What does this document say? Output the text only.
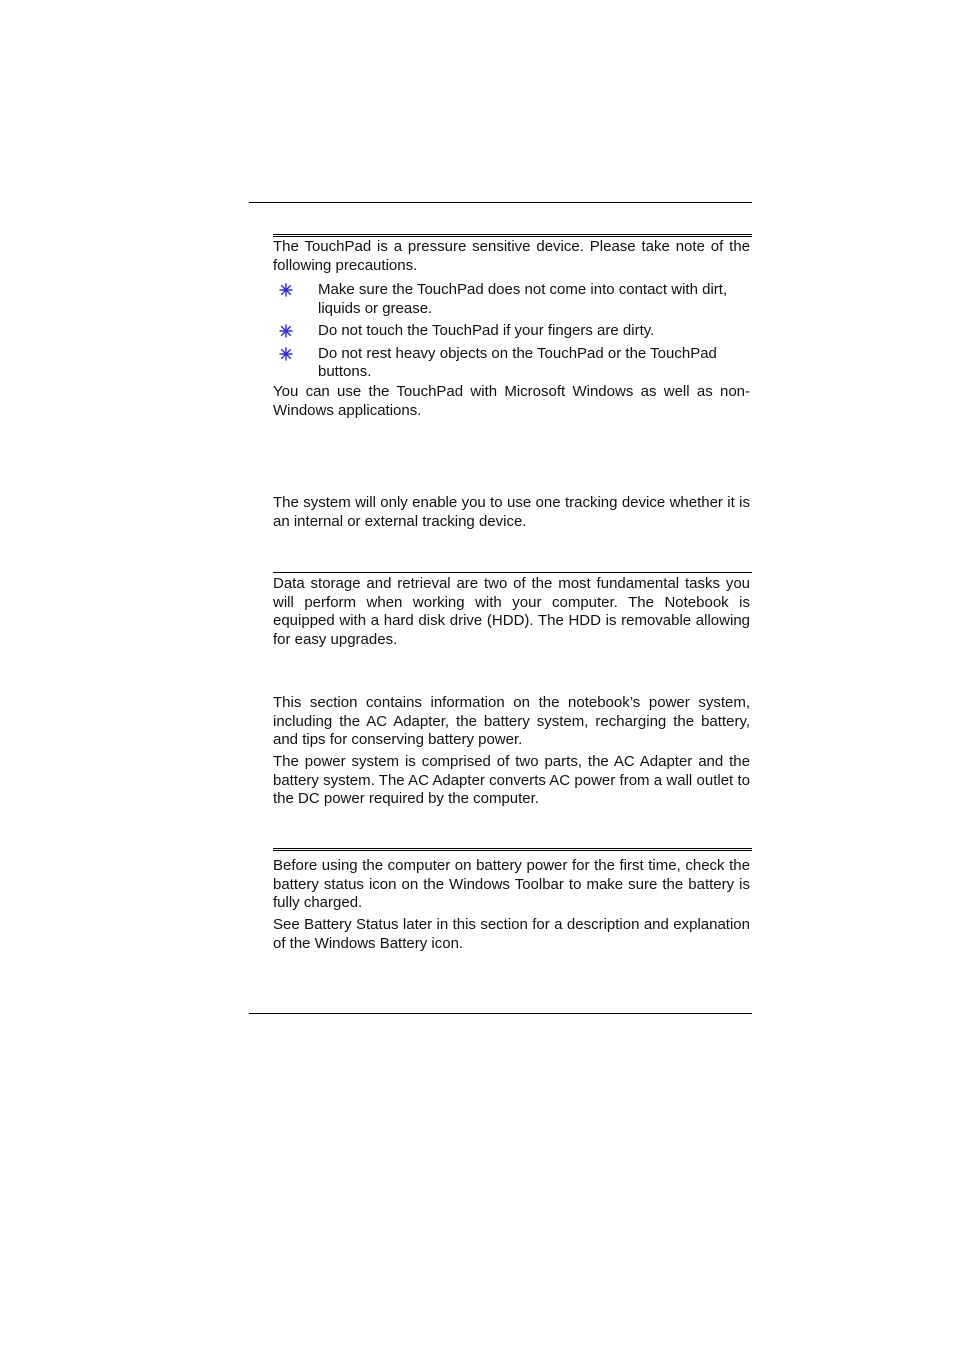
The TouchPad is a pressure sensitive device. Please take note of the following precautions.

Make sure the TouchPad does not come into contact with dirt, liquids or grease.
Do not touch the TouchPad if your fingers are dirty.
Do not rest heavy objects on the TouchPad or the TouchPad buttons.

You can use the TouchPad with Microsoft Windows as well as non-Windows applications.

The system will only enable you to use one tracking device whether it is an internal or external tracking device.

Data storage and retrieval are two of the most fundamental tasks you will perform when working with your computer. The Notebook is equipped with a hard disk drive (HDD). The HDD is removable allowing for easy upgrades.

This section contains information on the notebook’s power system, including the AC Adapter, the battery system, recharging the battery, and tips for conserving battery power.

The power system is comprised of two parts, the AC Adapter and the battery system. The AC Adapter converts AC power from a wall outlet to the DC power required by the computer.

Before using the computer on battery power for the first time, check the battery status icon on the Windows Toolbar to make sure the battery is fully charged.

See Battery Status later in this section for a description and explanation of the Windows Battery icon.
